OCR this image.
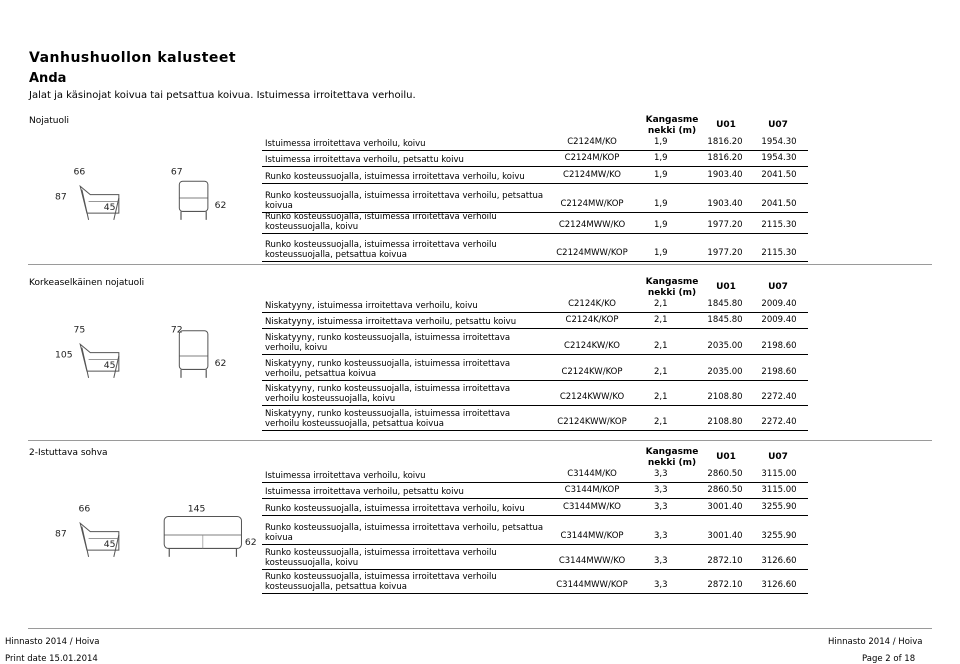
Vanhushuollon kalusteet
Anda
Jalat ja käsinojat koivua tai petsattua koivua. Istuimessa irroitettava verhoilu.
Nojatuoli	Kangasme nekki (m)
U01	U07
66	67
87
45	62
Istuimessa irroitettava verhoilu, koivu	C2124M/KO	1,9	1816.20	1954.30
Istuimessa irroitettava verhoilu, petsattu koivu	C2124M/KOP	1,9	1816.20	1954.30
Runko kosteussuojalla, istuimessa irroitettava verhoilu, koivu	C2124MW/KO	1,9	1903.40	2041.50
Runko kosteussuojalla, istuimessa irroitettava verhoilu, petsattua koivua	C2124MW/KOP	1,9	1903.40	2041.50
Runko kosteussuojalla, istuimessa irroitettava verhoilu kosteussuojalla, koivu	C2124MWW/KO	1,9	1977.20	2115.30
Runko kosteussuojalla, istuimessa irroitettava verhoilu kosteussuojalla, petsattua koivua	C2124MWW/KOP	1,9	1977.20	2115.30
Korkeaselkäinen nojatuoli	Kangasme nekki (m)
U01	U07
75	72
105
45	62
Niskatyyny, istuimessa irroitettava verhoilu, koivu	C2124K/KO	2,1	1845.80	2009.40
Niskatyyny, istuimessa irroitettava verhoilu, petsattu koivu	C2124K/KOP	2,1	1845.80	2009.40
Niskatyyny, runko kosteussuojalla, istuimessa irroitettava verhoilu, koivu	C2124KW/KO	2,1	2035.00	2198.60
Niskatyyny, runko kosteussuojalla, istuimessa irroitettava verhoilu, petsattua koivua	C2124KW/KOP	2,1	2035.00	2198.60
Niskatyyny, runko kosteussuojalla, istuimessa irroitettava verhoilu kosteussuojalla, koivu	C2124KWW/KO	2,1	2108.80	2272.40
Niskatyyny, runko kosteussuojalla, istuimessa irroitettava verhoilu kosteussuojalla, petsattua koivua	C2124KWW/KOP	2,1	2108.80	2272.40
2-Istuttava sohva	Kangasme nekki (m)
U01	U07
66	145
87
45	62
Istuimessa irroitettava verhoilu, koivu	C3144M/KO	3,3	2860.50	3115.00
Istuimessa irroitettava verhoilu, petsattu koivu	C3144M/KOP	3,3	2860.50	3115.00
Runko kosteussuojalla, istuimessa irroitettava verhoilu, koivu	C3144MW/KO	3,3	3001.40	3255.90
Runko kosteussuojalla, istuimessa irroitettava verhoilu, petsattua koivua	C3144MW/KOP	3,3	3001.40	3255.90
Runko kosteussuojalla, istuimessa irroitettava verhoilu kosteussuojalla, koivu	C3144MWW/KO	3,3	2872.10	3126.60
Runko kosteussuojalla, istuimessa irroitettava verhoilu kosteussuojalla, petsattua koivua	C3144MWW/KOP	3,3	2872.10	3126.60
Hinnasto 2014 / Hoiva	Hinnasto 2014 / Hoiva
Print date 15.01.2014	Page 2 of 18
